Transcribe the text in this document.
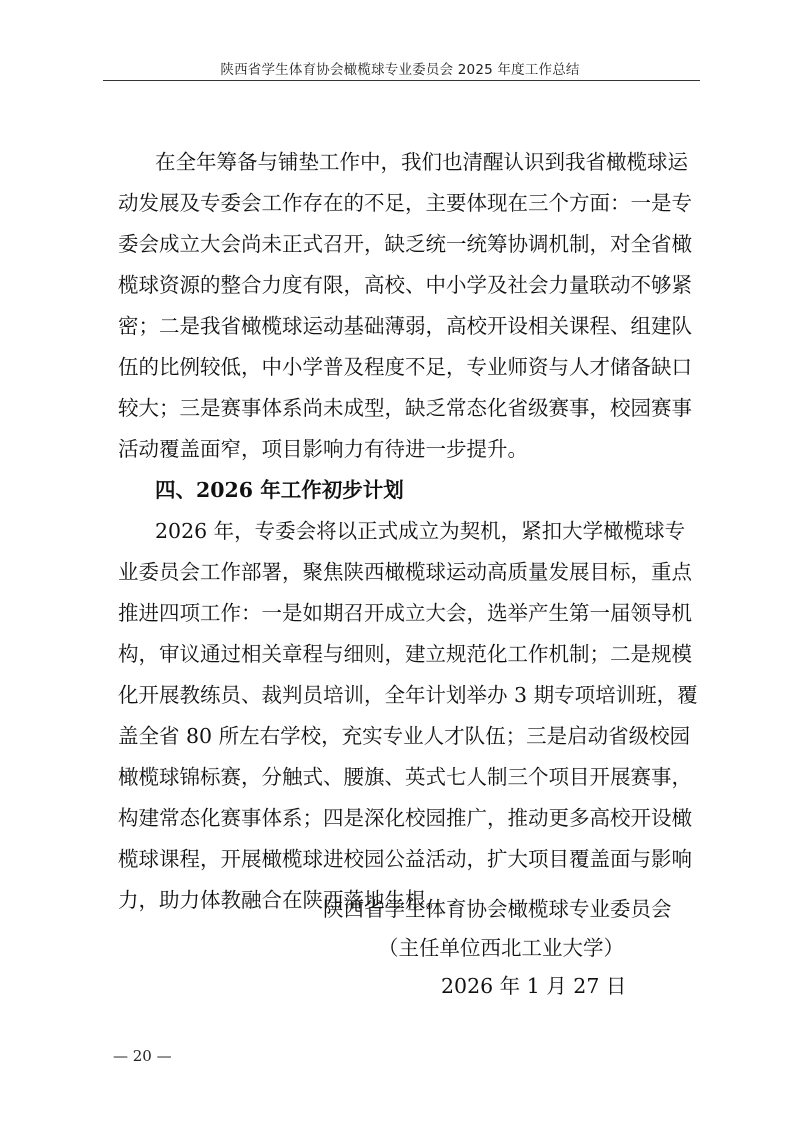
陕西省学生体育协会橄榄球专业委员会 2025 年度工作总结
在全年筹备与铺垫工作中，我们也清醒认识到我省橄榄球运
动发展及专委会工作存在的不足，主要体现在三个方面：一是专
委会成立大会尚未正式召开，缺乏统一统筹协调机制，对全省橄
榄球资源的整合力度有限，高校、中小学及社会力量联动不够紧
密；二是我省橄榄球运动基础薄弱，高校开设相关课程、组建队
伍的比例较低，中小学普及程度不足，专业师资与人才储备缺口
较大；三是赛事体系尚未成型，缺乏常态化省级赛事，校园赛事
活动覆盖面窄，项目影响力有待进一步提升。
四、2026 年工作初步计划
2026 年，专委会将以正式成立为契机，紧扣大学橄榄球专
业委员会工作部署，聚焦陕西橄榄球运动高质量发展目标，重点
推进四项工作：一是如期召开成立大会，选举产生第一届领导机
构，审议通过相关章程与细则，建立规范化工作机制；二是规模
化开展教练员、裁判员培训，全年计划举办 3 期专项培训班，覆
盖全省 80 所左右学校，充实专业人才队伍；三是启动省级校园
橄榄球锦标赛，分触式、腰旗、英式七人制三个项目开展赛事，
构建常态化赛事体系；四是深化校园推广，推动更多高校开设橄
榄球课程，开展橄榄球进校园公益活动，扩大项目覆盖面与影响
力，助力体教融合在陕西落地生根。
陕西省学生体育协会橄榄球专业委员会
（主任单位西北工业大学）
2026 年 1 月 27 日
— 20 —
